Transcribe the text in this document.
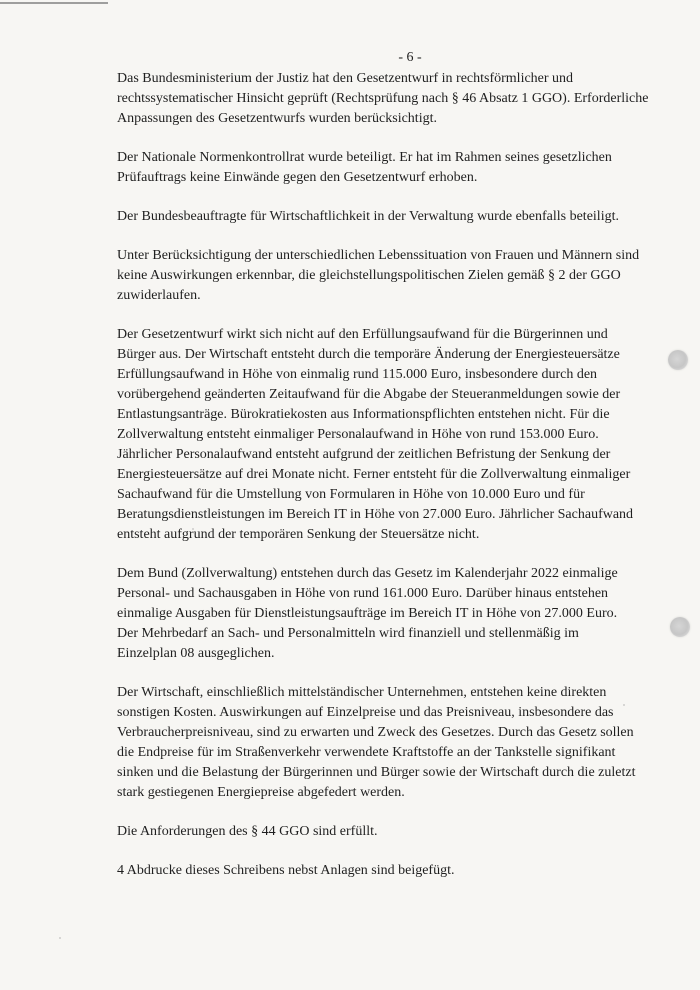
- 6 -

Das Bundesministerium der Justiz hat den Gesetzentwurf in rechtsförmlicher und
rechtssystematischer Hinsicht geprüft (Rechtsprüfung nach § 46 Absatz 1 GGO). Erforderliche
Anpassungen des Gesetzentwurfs wurden berücksichtigt.

Der Nationale Normenkontrollrat wurde beteiligt. Er hat im Rahmen seines gesetzlichen
Prüfauftrags keine Einwände gegen den Gesetzentwurf erhoben.

Der Bundesbeauftragte für Wirtschaftlichkeit in der Verwaltung wurde ebenfalls beteiligt.

Unter Berücksichtigung der unterschiedlichen Lebenssituation von Frauen und Männern sind
keine Auswirkungen erkennbar, die gleichstellungspolitischen Zielen gemäß § 2 der GGO
zuwiderlaufen.

Der Gesetzentwurf wirkt sich nicht auf den Erfüllungsaufwand für die Bürgerinnen und
Bürger aus. Der Wirtschaft entsteht durch die temporäre Änderung der Energiesteuersätze
Erfüllungsaufwand in Höhe von einmalig rund 115.000 Euro, insbesondere durch den
vorübergehend geänderten Zeitaufwand für die Abgabe der Steueranmeldungen sowie der
Entlastungsanträge. Bürokratiekosten aus Informationspflichten entstehen nicht. Für die
Zollverwaltung entsteht einmaliger Personalaufwand in Höhe von rund 153.000 Euro.
Jährlicher Personalaufwand entsteht aufgrund der zeitlichen Befristung der Senkung der
Energiesteuersätze auf drei Monate nicht. Ferner entsteht für die Zollverwaltung einmaliger
Sachaufwand für die Umstellung von Formularen in Höhe von 10.000 Euro und für
Beratungsdienstleistungen im Bereich IT in Höhe von 27.000 Euro. Jährlicher Sachaufwand
entsteht aufgrund der temporären Senkung der Steuersätze nicht.

Dem Bund (Zollverwaltung) entstehen durch das Gesetz im Kalenderjahr 2022 einmalige
Personal- und Sachausgaben in Höhe von rund 161.000 Euro. Darüber hinaus entstehen
einmalige Ausgaben für Dienstleistungsaufträge im Bereich IT in Höhe von 27.000 Euro.
Der Mehrbedarf an Sach- und Personalmitteln wird finanziell und stellenmäßig im
Einzelplan 08 ausgeglichen.

Der Wirtschaft, einschließlich mittelständischer Unternehmen, entstehen keine direkten
sonstigen Kosten. Auswirkungen auf Einzelpreise und das Preisniveau, insbesondere das
Verbraucherpreisniveau, sind zu erwarten und Zweck des Gesetzes. Durch das Gesetz sollen
die Endpreise für im Straßenverkehr verwendete Kraftstoffe an der Tankstelle signifikant
sinken und die Belastung der Bürgerinnen und Bürger sowie der Wirtschaft durch die zuletzt
stark gestiegenen Energiepreise abgefedert werden.

Die Anforderungen des § 44 GGO sind erfüllt.

4 Abdrucke dieses Schreibens nebst Anlagen sind beigefügt.
